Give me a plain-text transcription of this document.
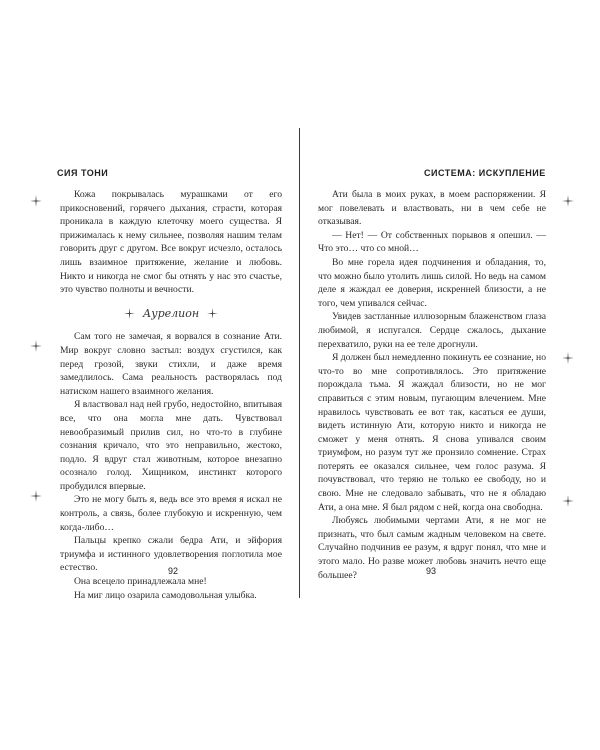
СИЯ ТОНИ

Кожа покрывалась мурашками от его прикосновений, горячего дыхания, страсти, которая проникала в каждую клеточку моего существа. Я прижималась к нему сильнее, позволяя нашим телам говорить друг с другом. Все вокруг исчезло, осталось лишь взаимное притяжение, желание и любовь. Никто и никогда не смог бы отнять у нас это счастье, это чувство полноты и вечности.

Аурелион

Сам того не замечая, я ворвался в сознание Ати. Мир вокруг словно застыл: воздух сгустился, как перед грозой, звуки стихли, и даже время замедлилось. Сама реальность растворялась под натиском нашего взаимного желания.

Я властвовал над ней грубо, недостойно, впитывая все, что она могла мне дать. Чувствовал невообразимый прилив сил, но что-то в глубине сознания кричало, что это неправильно, жестоко, подло. Я вдруг стал животным, которое внезапно осознало голод. Хищником, инстинкт которого пробудился впервые.

Это не могу быть я, ведь все это время я искал не контроль, а связь, более глубокую и искренную, чем когда-либо…

Пальцы крепко сжали бедра Ати, и эйфория триумфа и истинного удовлетворения поглотила мое естество.

Она всецело принадлежала мне!

На миг лицо озарила самодовольная улыбка.

92
СИСТЕМА: ИСКУПЛЕНИЕ

Ати была в моих руках, в моем распоряжении. Я мог повелевать и властвовать, ни в чем себе не отказывая.

— Нет! — От собственных порывов я опешил. — Что это… что со мной…

Во мне горела идея подчинения и обладания, то, что можно было утолить лишь силой. Но ведь на самом деле я жаждал ее доверия, искренней близости, а не того, чем упивался сейчас.

Увидев застланные иллюзорным блаженством глаза любимой, я испугался. Сердце сжалось, дыхание перехватило, руки на ее теле дрогнули.

Я должен был немедленно покинуть ее сознание, но что-то во мне сопротивлялось. Это притяжение порождала тьма. Я жаждал близости, но не мог справиться с этим новым, пугающим влечением. Мне нравилось чувствовать ее вот так, касаться ее души, видеть истинную Ати, которую никто и никогда не сможет у меня отнять. Я снова упивался своим триумфом, но разум тут же пронзило сомнение. Страх потерять ее оказался сильнее, чем голос разума. Я почувствовал, что теряю не только ее свободу, но и свою. Мне не следовало забывать, что не я обладаю Ати, а она мне. Я был рядом с ней, когда она свободна.

Любуясь любимыми чертами Ати, я не мог не признать, что был самым жадным человеком на свете. Случайно подчинив ее разум, я вдруг понял, что мне и этого мало. Но разве может любовь значить нечто еще большее?	93
